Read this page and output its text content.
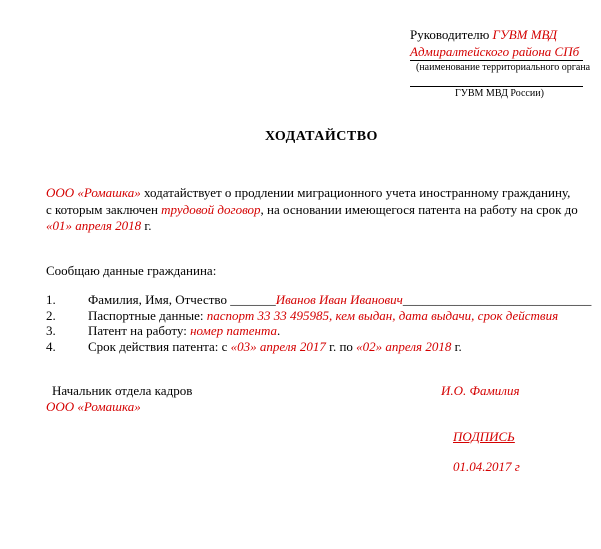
Руководителю ГУВМ МВД
Адмиралтейского района СПб
(наименование территориального органа
ГУВМ МВД России)
ХОДАТАЙСТВО
ООО «Ромашка» ходатайствует о продлении миграционного учета иностранному гражданину,
с которым заключен трудовой договор, на основании имеющегося патента на работу на срок до
«01» апреля 2018 г.
Сообщаю данные гражданина:
1. Фамилия, Имя, Отчество _______Иванов Иван Иванович_____________________________
2. Паспортные данные: паспорт 33 33 495985, кем выдан, дата выдачи, срок действия
3. Патент на работу: номер патента.
4. Срок действия патента: с «03» апреля 2017 г. по «02» апреля 2018 г.
Начальник отдела кадров
ООО «Ромашка»
И.О. Фамилия
ПОДПИСЬ
01.04.2017 г
